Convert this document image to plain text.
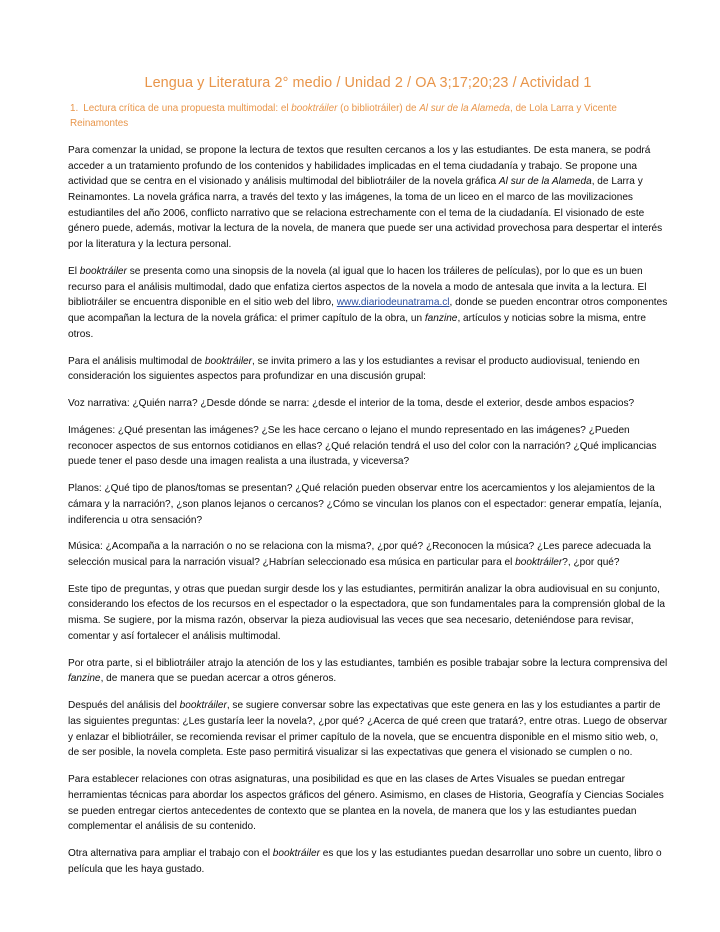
Lengua y Literatura 2° medio / Unidad 2 / OA 3;17;20;23 / Actividad 1
1. Lectura crítica de una propuesta multimodal: el booktráiler (o bibliotráiler) de Al sur de la Alameda, de Lola Larra y Vicente Reinamontes

Para comenzar la unidad, se propone la lectura de textos que resulten cercanos a los y las estudiantes. De esta manera, se podrá acceder a un tratamiento profundo de los contenidos y habilidades implicadas en el tema ciudadanía y trabajo. Se propone una actividad que se centra en el visionado y análisis multimodal del bibliotráiler de la novela gráfica Al sur de la Alameda, de Larra y Reinamontes. La novela gráfica narra, a través del texto y las imágenes, la toma de un liceo en el marco de las movilizaciones estudiantiles del año 2006, conflicto narrativo que se relaciona estrechamente con el tema de la ciudadanía. El visionado de este género puede, además, motivar la lectura de la novela, de manera que puede ser una actividad provechosa para despertar el interés por la literatura y la lectura personal.

El booktráiler se presenta como una sinopsis de la novela (al igual que lo hacen los tráileres de películas), por lo que es un buen recurso para el análisis multimodal, dado que enfatiza ciertos aspectos de la novela a modo de antesala que invita a la lectura. El bibliotráiler se encuentra disponible en el sitio web del libro, www.diariodeunatrama.cl, donde se pueden encontrar otros componentes que acompañan la lectura de la novela gráfica: el primer capítulo de la obra, un fanzine, artículos y noticias sobre la misma, entre otros.

Para el análisis multimodal de booktráiler, se invita primero a las y los estudiantes a revisar el producto audiovisual, teniendo en consideración los siguientes aspectos para profundizar en una discusión grupal:

Voz narrativa: ¿Quién narra? ¿Desde dónde se narra: ¿desde el interior de la toma, desde el exterior, desde ambos espacios?

Imágenes: ¿Qué presentan las imágenes? ¿Se les hace cercano o lejano el mundo representado en las imágenes? ¿Pueden reconocer aspectos de sus entornos cotidianos en ellas? ¿Qué relación tendrá el uso del color con la narración? ¿Qué implicancias puede tener el paso desde una imagen realista a una ilustrada, y viceversa?

Planos: ¿Qué tipo de planos/tomas se presentan? ¿Qué relación pueden observar entre los acercamientos y los alejamientos de la cámara y la narración?, ¿son planos lejanos o cercanos? ¿Cómo se vinculan los planos con el espectador: generar empatía, lejanía, indiferencia u otra sensación?

Música: ¿Acompaña a la narración o no se relaciona con la misma?, ¿por qué? ¿Reconocen la música? ¿Les parece adecuada la selección musical para la narración visual? ¿Habrían seleccionado esa música en particular para el booktráiler?, ¿por qué?

Este tipo de preguntas, y otras que puedan surgir desde los y las estudiantes, permitirán analizar la obra audiovisual en su conjunto, considerando los efectos de los recursos en el espectador o la espectadora, que son fundamentales para la comprensión global de la misma. Se sugiere, por la misma razón, observar la pieza audiovisual las veces que sea necesario, deteniéndose para revisar, comentar y así fortalecer el análisis multimodal.

Por otra parte, si el bibliotráiler atrajo la atención de los y las estudiantes, también es posible trabajar sobre la lectura comprensiva del fanzine, de manera que se puedan acercar a otros géneros.

Después del análisis del booktráiler, se sugiere conversar sobre las expectativas que este genera en las y los estudiantes a partir de las siguientes preguntas: ¿Les gustaría leer la novela?, ¿por qué? ¿Acerca de qué creen que tratará?, entre otras. Luego de observar y enlazar el bibliotráiler, se recomienda revisar el primer capítulo de la novela, que se encuentra disponible en el mismo sitio web, o, de ser posible, la novela completa. Este paso permitirá visualizar si las expectativas que genera el visionado se cumplen o no.

Para establecer relaciones con otras asignaturas, una posibilidad es que en las clases de Artes Visuales se puedan entregar herramientas técnicas para abordar los aspectos gráficos del género. Asimismo, en clases de Historia, Geografía y Ciencias Sociales se pueden entregar ciertos antecedentes de contexto que se plantea en la novela, de manera que los y las estudiantes puedan complementar el análisis de su contenido.

Otra alternativa para ampliar el trabajo con el booktráiler es que los y las estudiantes puedan desarrollar uno sobre un cuento, libro o película que les haya gustado.
